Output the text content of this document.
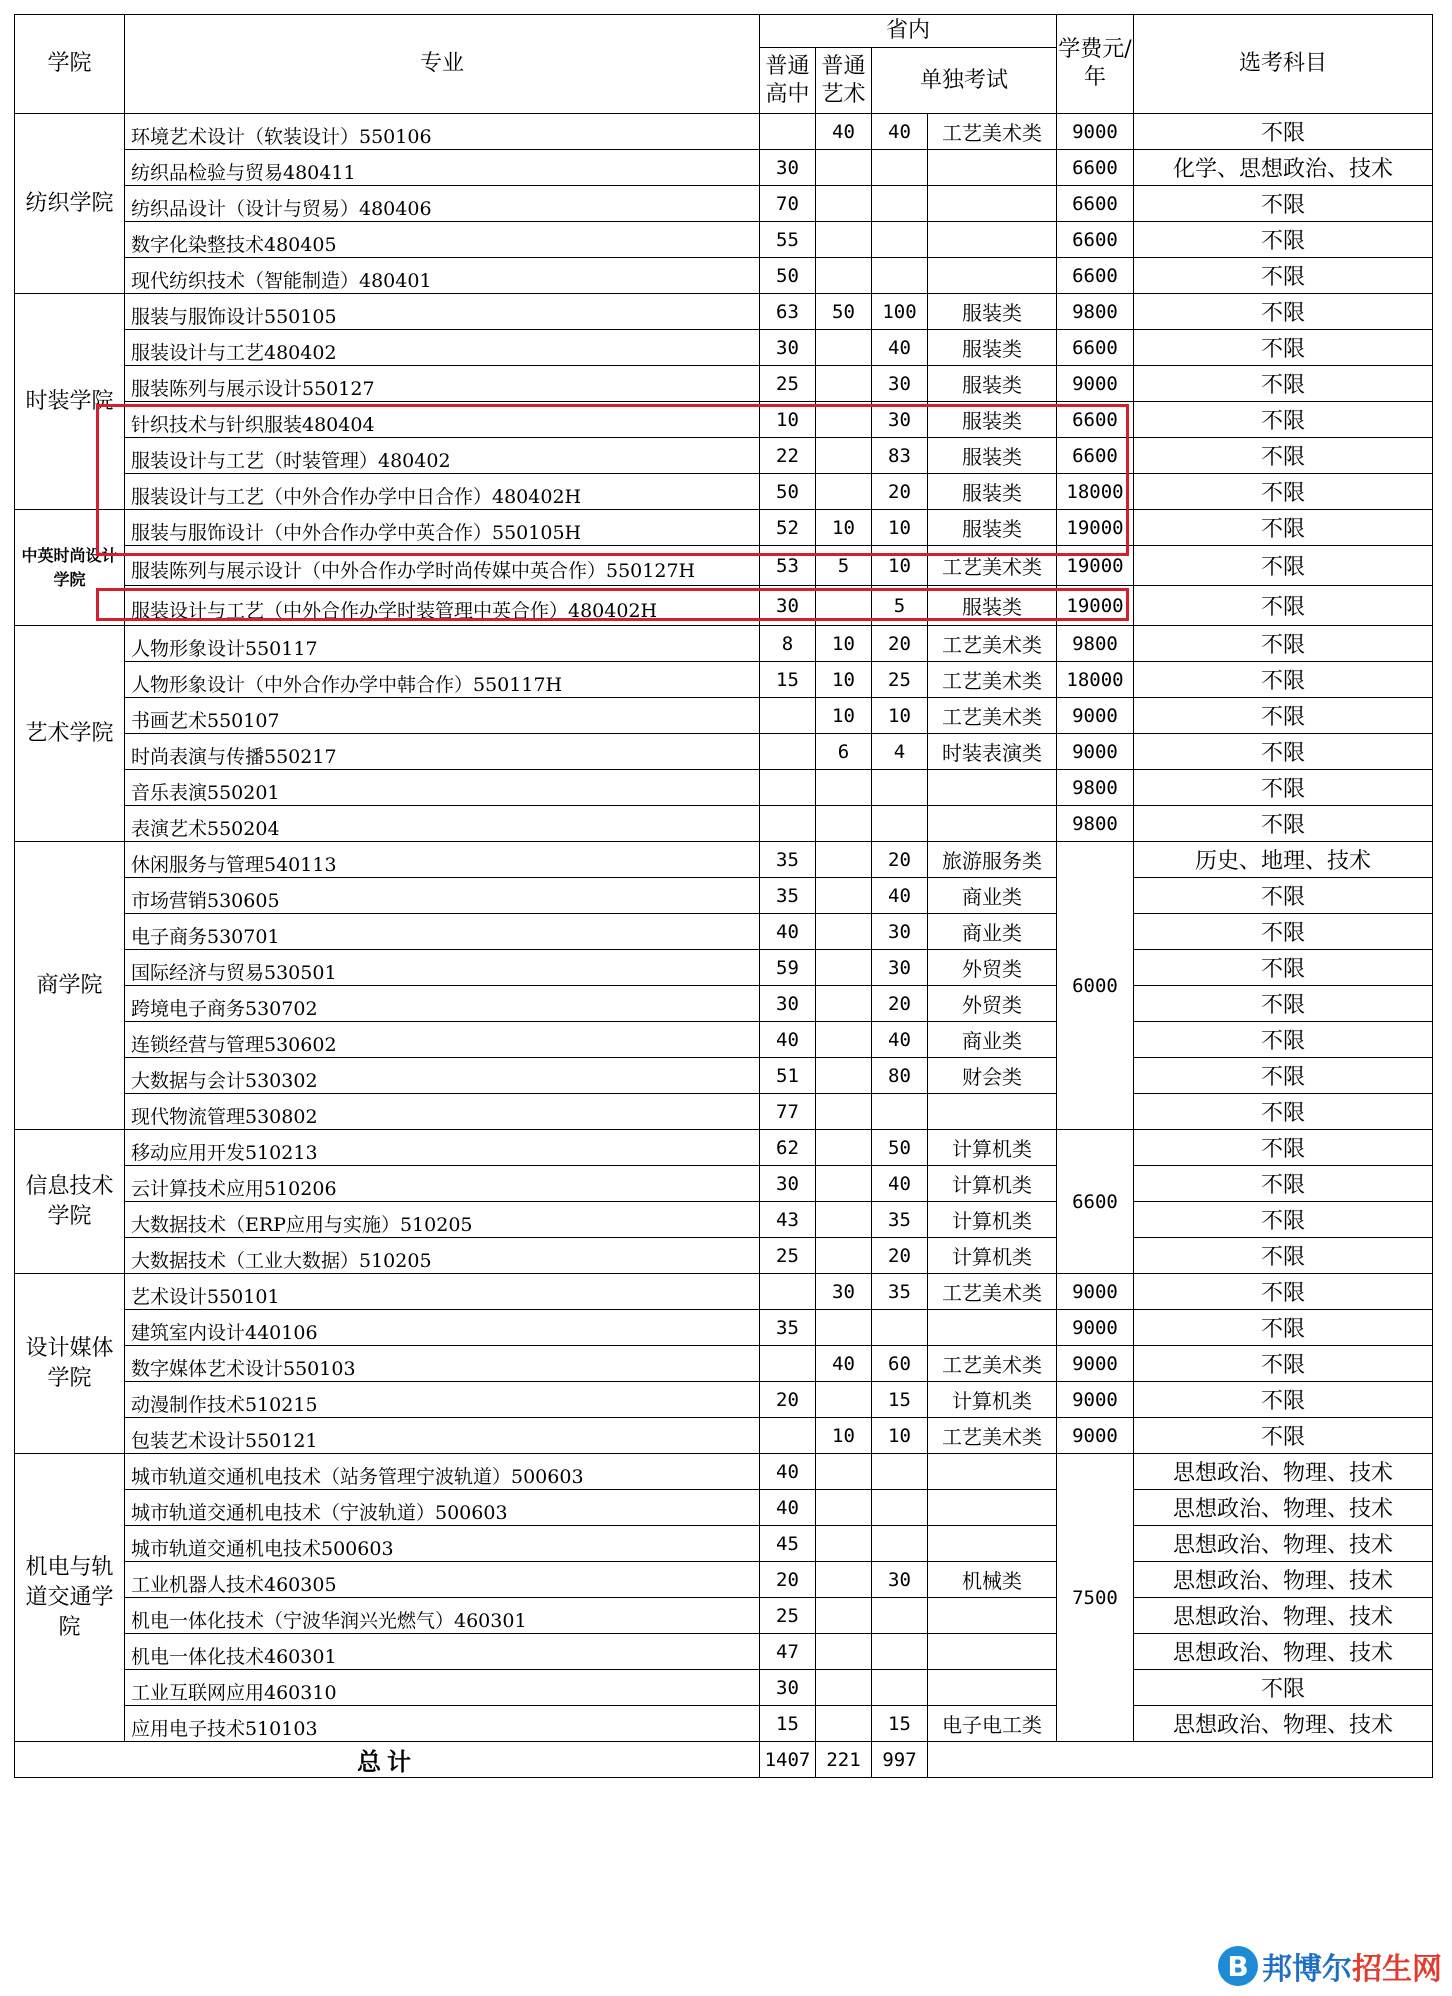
学院	专业	省内				学费元/年	选考科目
		普通高中	普通艺术	单独考试			
纺织学院	环境艺术设计（软装设计）550106		40	40	工艺美术类	9000	不限
	纺织品检验与贸易480411	30				6600	化学、思想政治、技术
	纺织品设计（设计与贸易）480406	70				6600	不限
	数字化染整技术480405	55				6600	不限
	现代纺织技术（智能制造）480401	50				6600	不限
时装学院	服装与服饰设计550105	63	50	100	服装类	9800	不限
	服装设计与工艺480402	30		40	服装类	6600	不限
	服装陈列与展示设计550127	25		30	服装类	9000	不限
	针织技术与针织服装480404	10		30	服装类	6600	不限
	服装设计与工艺（时装管理）480402	22		83	服装类	6600	不限
	服装设计与工艺（中外合作办学中日合作）480402H	50		20	服装类	18000	不限
中英时尚设计学院	服装与服饰设计（中外合作办学中英合作）550105H	52	10	10	服装类	19000	不限
	服装陈列与展示设计（中外合作办学时尚传媒中英合作）550127H	53	5	10	工艺美术类	19000	不限
	服装设计与工艺（中外合作办学时装管理中英合作）480402H	30		5	服装类	19000	不限
艺术学院	人物形象设计550117	8	10	20	工艺美术类	9800	不限
	人物形象设计（中外合作办学中韩合作）550117H	15	10	25	工艺美术类	18000	不限
	书画艺术550107		10	10	工艺美术类	9000	不限
	时尚表演与传播550217		6	4	时装表演类	9000	不限
	音乐表演550201					9800	不限
	表演艺术550204					9800	不限
商学院	休闲服务与管理540113	35		20	旅游服务类	6000	历史、地理、技术
	市场营销530605	35		40	商业类		不限
	电子商务530701	40		30	商业类		不限
	国际经济与贸易530501	59		30	外贸类		不限
	跨境电子商务530702	30		20	外贸类		不限
	连锁经营与管理530602	40		40	商业类		不限
	大数据与会计530302	51		80	财会类		不限
	现代物流管理530802	77					不限
信息技术学院	移动应用开发510213	62		50	计算机类	6600	不限
	云计算技术应用510206	30		40	计算机类		不限
	大数据技术（ERP应用与实施）510205	43		35	计算机类		不限
	大数据技术（工业大数据）510205	25		20	计算机类		不限
设计媒体学院	艺术设计550101		30	35	工艺美术类	9000	不限
	建筑室内设计440106	35				9000	不限
	数字媒体艺术设计550103		40	60	工艺美术类	9000	不限
	动漫制作技术510215	20		15	计算机类	9000	不限
	包装艺术设计550121		10	10	工艺美术类	9000	不限
机电与轨道交通学院	城市轨道交通机电技术（站务管理宁波轨道）500603	40				7500	思想政治、物理、技术
	城市轨道交通机电技术（宁波轨道）500603	40					思想政治、物理、技术
	城市轨道交通机电技术500603	45					思想政治、物理、技术
	工业机器人技术460305	20		30	机械类		思想政治、物理、技术
	机电一体化技术（宁波华润兴光燃气）460301	25					思想政治、物理、技术
	机电一体化技术460301	47					思想政治、物理、技术
	工业互联网应用460310	30					不限
	应用电子技术510103	15		15	电子电工类		思想政治、物理、技术
总计		1407	221	997			
B 邦博尔 招生网
